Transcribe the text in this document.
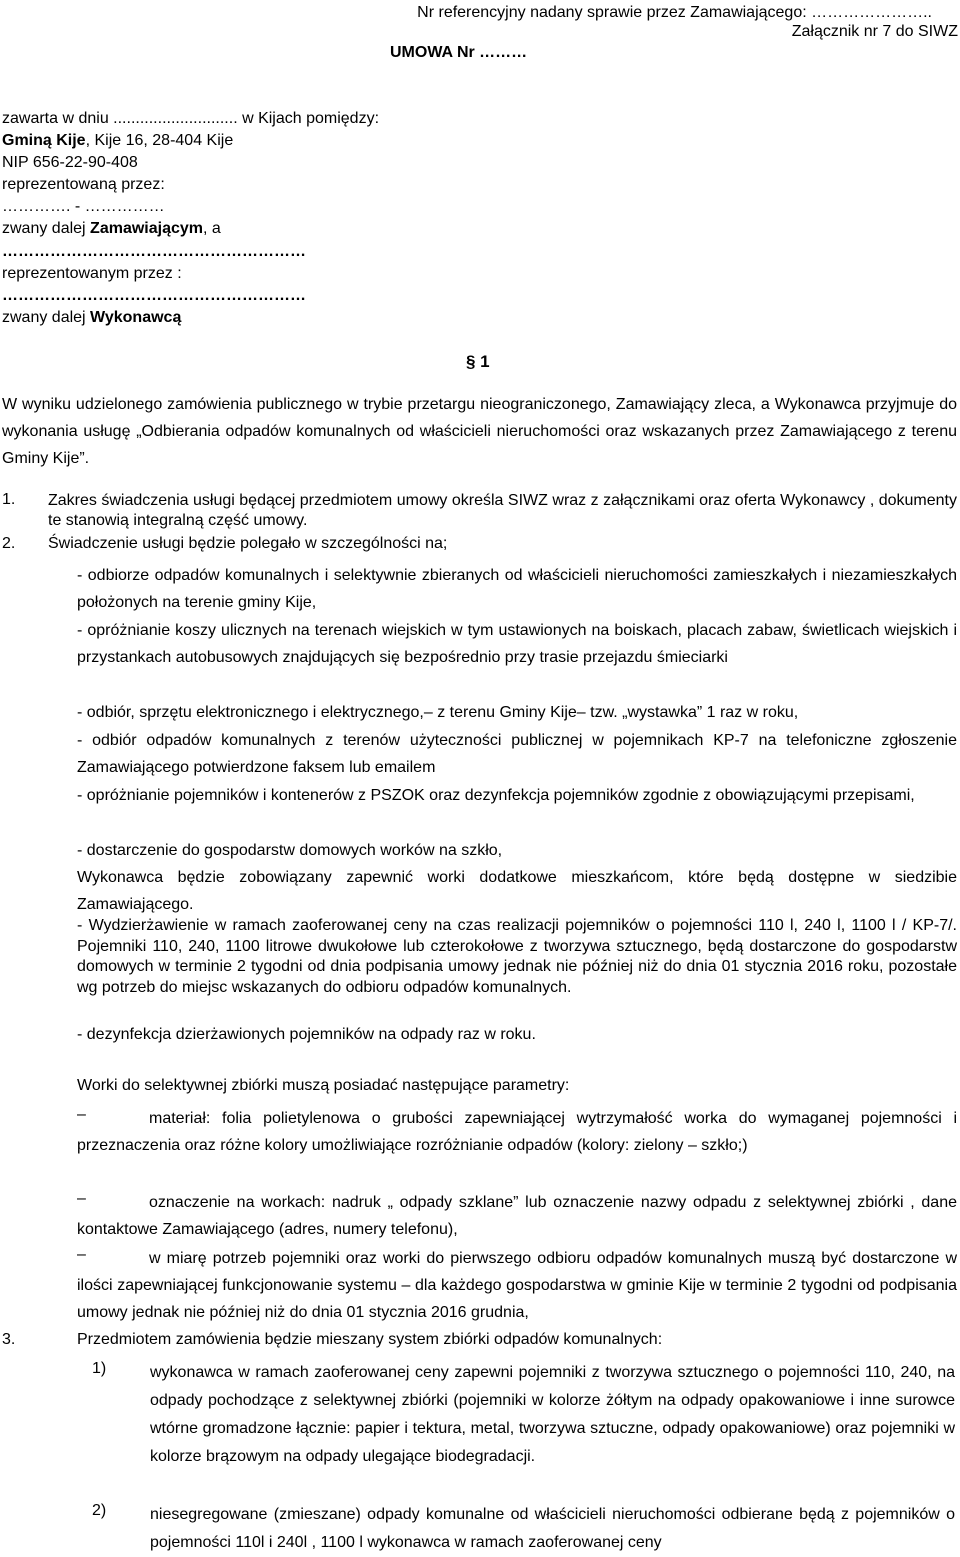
Nr referencyjny nadany sprawie przez Zamawiającego: …………………..
Załącznik nr 7 do SIWZ
UMOWA Nr ………
zawarta w dniu ............................ w Kijach pomiędzy:
Gminą Kije, Kije 16, 28-404 Kije
NIP 656-22-90-408
reprezentowaną przez:
…………. - ……………
zwany dalej Zamawiającym, a
…………………………………………………
reprezentowanym przez :
…………………………………………………
zwany dalej Wykonawcą
§ 1
W wyniku udzielonego zamówienia publicznego w trybie przetargu nieograniczonego, Zamawiający zleca, a Wykonawca przyjmuje do wykonania usługę „Odbierania odpadów komunalnych od właścicieli nieruchomości oraz wskazanych przez Zamawiającego z terenu Gminy Kije”.
1. Zakres świadczenia usługi będącej przedmiotem umowy określa SIWZ wraz z załącznikami oraz oferta Wykonawcy , dokumenty te stanowią integralną część umowy.
2. Świadczenie usługi będzie polegało w szczególności na;
- odbiorze odpadów komunalnych i selektywnie zbieranych od właścicieli nieruchomości zamieszkałych i niezamieszkałych położonych na terenie gminy Kije,
- opróżnianie koszy ulicznych na terenach wiejskich w tym ustawionych na boiskach, placach zabaw, świetlicach wiejskich i przystankach autobusowych znajdujących się bezpośrednio przy trasie przejazdu śmieciarki
- odbiór, sprzętu elektronicznego i elektrycznego,– z terenu Gminy Kije– tzw. „wystawka” 1 raz w roku,
- odbiór odpadów komunalnych z terenów użyteczności publicznej w pojemnikach KP-7 na telefoniczne zgłoszenie Zamawiającego potwierdzone faksem lub emailem
- opróżnianie pojemników i kontenerów z PSZOK oraz dezynfekcja pojemników zgodnie z obowiązującymi przepisami,
- dostarczenie do gospodarstw domowych worków na szkło,
Wykonawca będzie zobowiązany zapewnić worki dodatkowe mieszkańcom, które będą dostępne w siedzibie Zamawiającego.
- Wydzierżawienie w ramach zaoferowanej ceny na czas realizacji pojemników o pojemności 110 l, 240 l, 1100 l / KP-7/. Pojemniki 110, 240, 1100 litrowe dwukołowe lub czterokołowe z tworzywa sztucznego, będą dostarczone do gospodarstw domowych w terminie 2 tygodni od dnia podpisania umowy jednak nie później niż do dnia 01 stycznia 2016 roku, pozostałe wg potrzeb do miejsc wskazanych do odbioru odpadów komunalnych.
- dezynfekcja dzierżawionych pojemników na odpady raz w roku.
Worki do selektywnej zbiórki muszą posiadać następujące parametry:
–	materiał: folia polietylenowa o grubości zapewniającej wytrzymałość worka do wymaganej pojemności i przeznaczenia oraz różne kolory umożliwiające rozróżnianie odpadów (kolory: zielony – szkło;)
–	oznaczenie na workach: nadruk „ odpady szklane” lub oznaczenie nazwy odpadu z selektywnej zbiórki , dane kontaktowe Zamawiającego (adres, numery telefonu),
–	w miarę potrzeb pojemniki oraz worki do pierwszego odbioru odpadów komunalnych muszą być dostarczone w ilości zapewniającej funkcjonowanie systemu – dla każdego gospodarstwa w gminie Kije w terminie 2 tygodni od podpisania umowy jednak nie później niż do dnia 01 stycznia 2016 grudnia,
3.	Przedmiotem zamówienia będzie mieszany system zbiórki odpadów komunalnych:
1)	wykonawca w ramach zaoferowanej ceny zapewni pojemniki z tworzywa sztucznego o pojemności 110, 240, na odpady pochodzące z selektywnej zbiórki (pojemniki w kolorze żółtym na odpady opakowaniowe i inne surowce wtórne gromadzone łącznie: papier i tektura, metal, tworzywa sztuczne, odpady opakowaniowe) oraz pojemniki w kolorze brązowym na odpady ulegające biodegradacji.
2)	niesegregowane (zmieszane) odpady komunalne od właścicieli nieruchomości odbierane będą z pojemników o pojemności 110l i 240l , 1100 l wykonawca w ramach zaoferowanej ceny
